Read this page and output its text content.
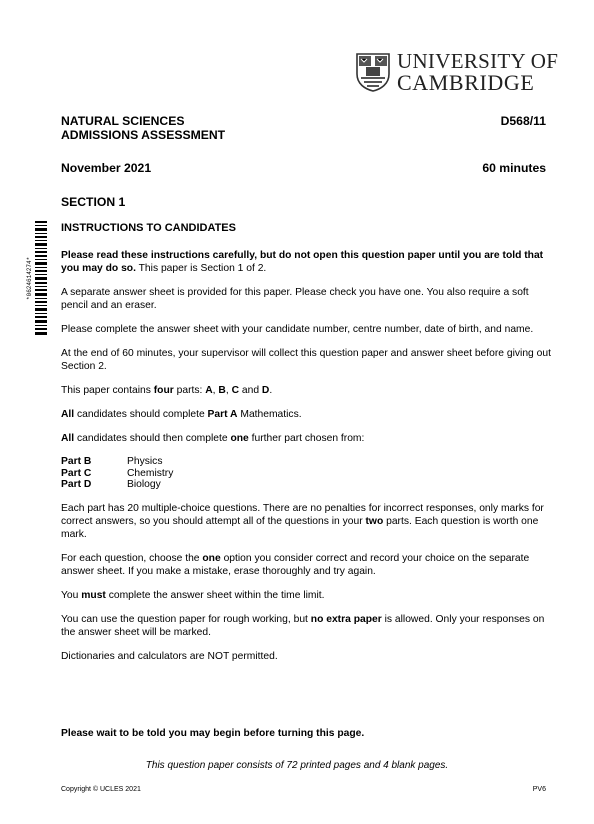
UNIVERSITY OF
CAMBRIDGE
NATURAL SCIENCES
ADMISSIONS ASSESSMENT
D568/11
November 2021	60 minutes
SECTION 1
*0624614274*
INSTRUCTIONS TO CANDIDATES

Please read these instructions carefully, but do not open this question paper until you are told that you may do so. This paper is Section 1 of 2.

A separate answer sheet is provided for this paper. Please check you have one. You also require a soft pencil and an eraser.

Please complete the answer sheet with your candidate number, centre number, date of birth, and name.

At the end of 60 minutes, your supervisor will collect this question paper and answer sheet before giving out Section 2.

This paper contains four parts: A, B, C and D.

All candidates should complete Part A Mathematics.

All candidates should then complete one further part chosen from:

Part B	Physics
Part C	Chemistry
Part D	Biology

Each part has 20 multiple-choice questions. There are no penalties for incorrect responses, only marks for correct answers, so you should attempt all of the questions in your two parts. Each question is worth one mark.

For each question, choose the one option you consider correct and record your choice on the separate answer sheet. If you make a mistake, erase thoroughly and try again.

You must complete the answer sheet within the time limit.

You can use the question paper for rough working, but no extra paper is allowed. Only your responses on the answer sheet will be marked.

Dictionaries and calculators are NOT permitted.

Please wait to be told you may begin before turning this page.
This question paper consists of 72 printed pages and 4 blank pages.
Copyright © UCLES 2021	PV6
